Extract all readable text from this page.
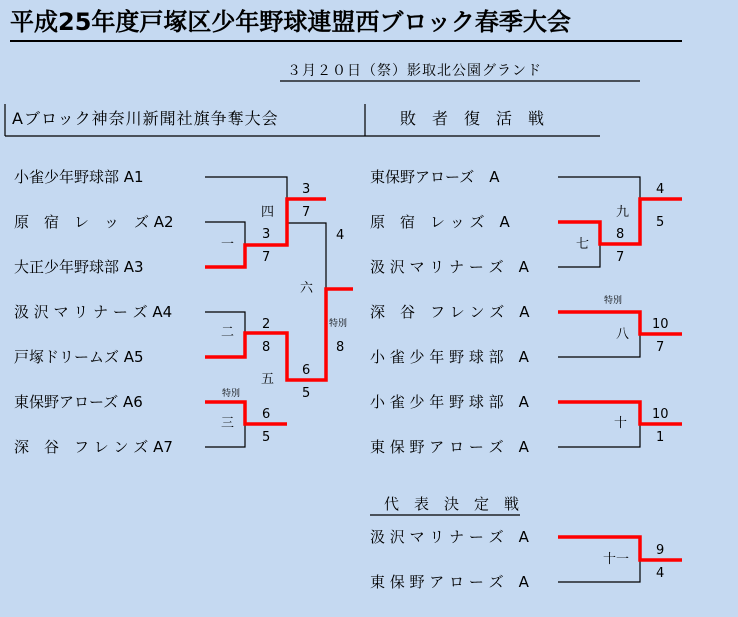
平成25年度戸塚区少年野球連盟西ブロック春季大会
３月２０日（祭）影取北公園グランド
Aブロック神奈川新聞社旗争奪大会	敗　者　復　活　戦
代　表　決　定　戦
小雀少年野球部 A1
原　宿　レ　ッ　ズ A2
大正少年野球部 A3
汲 沢 マ リ ナ ー ズ A4
戸塚ドリームズ A5
東保野アローズ A6
深　谷　フ レ ン ズ A7
東保野アローズ　A
原　宿　レ ッ ズ　A
汲 沢 マ リ ナ ー ズ　A
深　谷　フ レ ン ズ　A
小 雀 少 年 野 球 部　A
小 雀 少 年 野 球 部　A
東 保 野 ア ロ ー ズ　A
汲 沢 マ リ ナ ー ズ　A
東 保 野 ア ロ ー ズ　A
一
二
三
四
五
六
七
八
九
十
十一
特別
特別
特別
3
7
2
8
6
5
3
7
6
5
4
8
8
7
4
5
10
7
10
1
9
4
